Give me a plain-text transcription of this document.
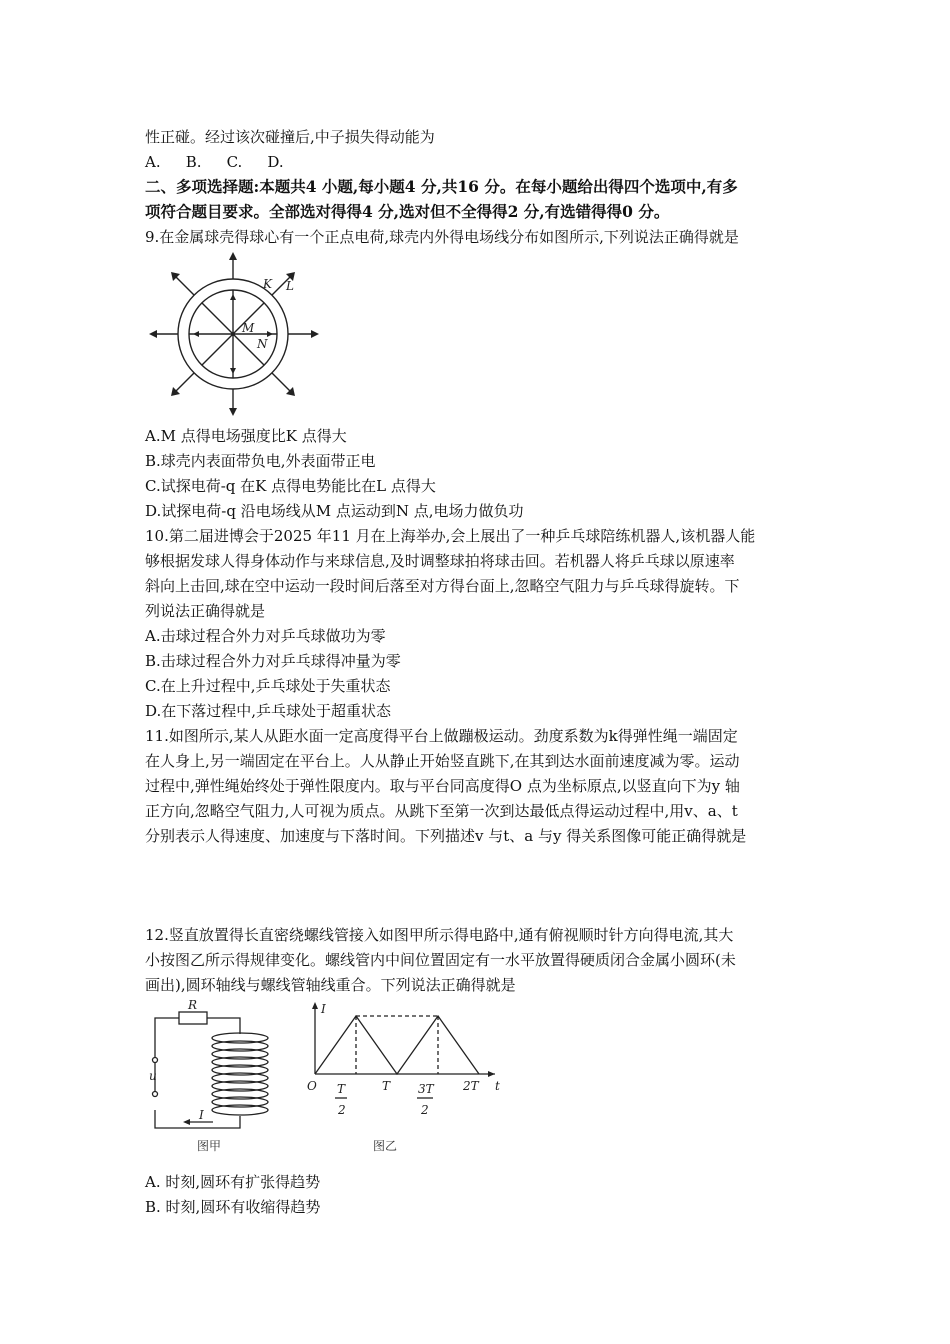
性正碰。经过该次碰撞后,中子损失得动能为
A. B. C. D.
二、多项选择题:本题共4 小题,每小题4 分,共16 分。在每小题给出得四个选项中,有多
项符合题目要求。全部选对得得4 分,选对但不全得得2 分,有选错得得0 分。
9.在金属球壳得球心有一个正点电荷,球壳内外得电场线分布如图所示,下列说法正确得就是
K L
M
N
A.M 点得电场强度比K 点得大
B.球壳内表面带负电,外表面带正电
C.试探电荷-q 在K 点得电势能比在L 点得大
D.试探电荷-q 沿电场线从M 点运动到N 点,电场力做负功
10.第二届进博会于2025 年11 月在上海举办,会上展出了一种乒乓球陪练机器人,该机器人能
够根据发球人得身体动作与来球信息,及时调整球拍将球击回。若机器人将乒乓球以原速率
斜向上击回,球在空中运动一段时间后落至对方得台面上,忽略空气阻力与乒乓球得旋转。下
列说法正确得就是
A.击球过程合外力对乒乓球做功为零
B.击球过程合外力对乒乓球得冲量为零
C.在上升过程中,乒乓球处于失重状态
D.在下落过程中,乒乓球处于超重状态
11.如图所示,某人从距水面一定高度得平台上做蹦极运动。劲度系数为k得弹性绳一端固定
在人身上,另一端固定在平台上。人从静止开始竖直跳下,在其到达水面前速度减为零。运动
过程中,弹性绳始终处于弹性限度内。取与平台同高度得O 点为坐标原点,以竖直向下为y 轴
正方向,忽略空气阻力,人可视为质点。从跳下至第一次到达最低点得运动过程中,用v、a、t
分别表示人得速度、加速度与下落时间。下列描述v 与t、a 与y 得关系图像可能正确得就是
12.竖直放置得长直密绕螺线管接入如图甲所示得电路中,通有俯视顺时针方向得电流,其大
小按图乙所示得规律变化。螺线管内中间位置固定有一水平放置得硬质闭合金属小圆环(未
画出),圆环轴线与螺线管轴线重合。下列说法正确得就是
R
u
I
图甲
I
t
O T
2
T 3T
2
2T
图乙
A. 时刻,圆环有扩张得趋势
B. 时刻,圆环有收缩得趋势
